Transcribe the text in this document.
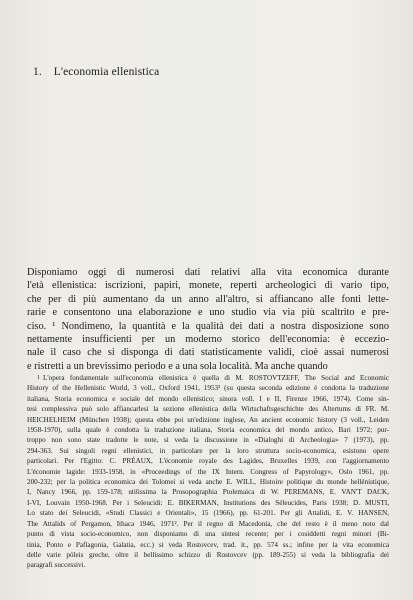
1. L'economia ellenistica
Disponiamo oggi di numerosi dati relativi alla vita economica durante
l'età ellenistica: iscrizioni, papiri, monete, reperti archeologici di vario tipo,
che per di più aumentano da un anno all'altro, si affiancano alle fonti lette-
rarie e consentono una elaborazione e uno studio via via più scaltrito e pre-
ciso. ¹ Nondimeno, la quantità e la qualità dei dati a nostra disposizione sono
nettamente insufficienti per un moderno storico dell'economia: è eccezio-
nale il caso che si disponga di dati statisticamente validi, cioè assai numerosi
e ristretti a un brevissimo periodo e a una sola località. Ma anche quando
$^1$ L'opera fondamentale sull'economia ellenistica è quella di M. ROSTOVTZEFF, The Social and Economic
History of the Hellenistic World, 3 voll., Oxford 1941, 1953² (su questa seconda edizione è condotta la traduzione
italiana, Storia economica e sociale del mondo ellenistico; sinora voll. I e II, Firenze 1966, 1974). Come sin-
tesi complessiva può solo affiancarlesi la sezione ellenistica della Wirtschaftsgeschichte des Altertums di FR. M.
HEICHELHEIM (München 1938); questa ebbe poi un'edizione inglese, An ancient economic history (3 voll., Leiden
1958-1970), sulla quale è condotta la traduzione italiana, Storia economica del mondo antico, Bari 1972; pur-
troppo non sono state tradotte le note, si veda la discussione in «Dialoghi di Archeologia» 7 (1973), pp.
294-363. Sui singoli regni ellenistici, in particolare per la loro struttura socio-economica, esistono opere
particolari. Per l'Egitto: C. PRÉAUX, L'économie royale des Lagides, Bruxelles 1939, con l'aggiornamento
L'économie lagide: 1933-1958, in «Proceedings of the IX Intern. Congress of Papyrology», Oslo 1961, pp.
200-232; per la politica economica dei Tolomei si veda anche E. WILL, Histoire politique du monde hellénistique,
I, Nancy 1966, pp. 159-178; utilissima la Prosopographia Ptolemaica di W. PEREMANS, E. VAN'T DACK,
I-VI, Louvain 1950-1968. Per i Seleucidi: E. BIKERMAN, Institutions des Séleucides, Paris 1938; D. MUSTI,
Lo stato dei Seleucidi, «Studi Classici e Orientali», 15 (1966), pp. 61-201. Per gli Attalidi, E. V. HANSEN,
The Attalids of Pergamon, Ithaca 1946, 1971². Per il regno di Macedonia, che del resto è il meno noto dal
punto di vista socio-economico, non disponiamo di una sintesi recente; per i cosiddetti regni minori (Bi-
tinia, Ponto e Paflagonia, Galatia, ecc.) si veda Rostovcev, trad. it., pp. 574 ss.; infine per la vita economica
delle varie póleis greche, oltre il bellissimo schizzo di Rostovcev (pp. 189-255) si veda la bibliografia dei
paragrafi successivi.
